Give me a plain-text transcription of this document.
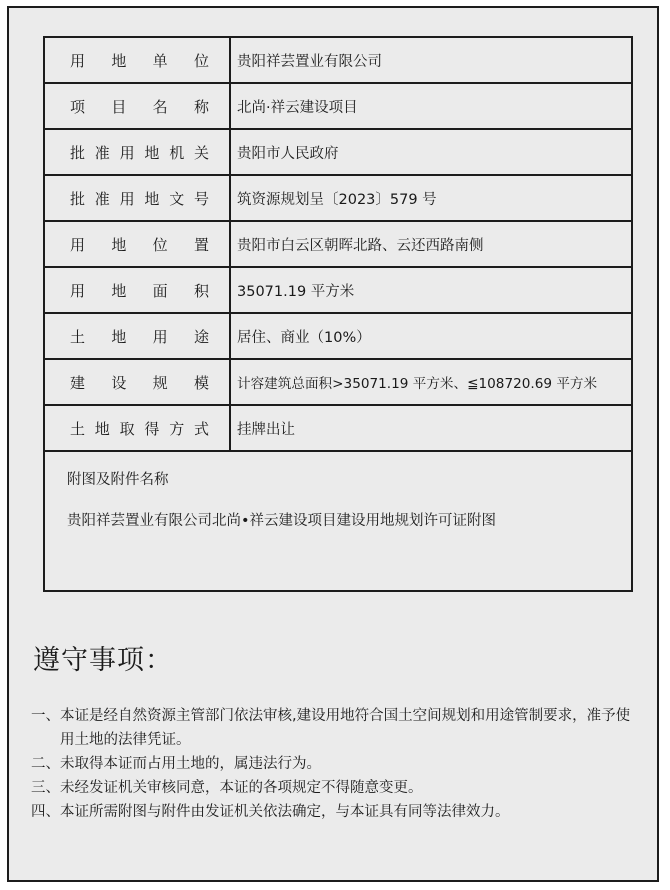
用 地 单 位	贵阳祥芸置业有限公司
项 目 名 称	北尚·祥云建设项目
批 准 用 地 机 关	贵阳市人民政府
批 准 用 地 文 号	筑资源规划呈〔2023〕579 号
用 地 位 置	贵阳市白云区朝晖北路、云还西路南侧
用 地 面 积	35071.19 平方米
土 地 用 途	居住、商业（10%）
建 设 规 模	计容建筑总面积>35071.19 平方米、≦108720.69 平方米
土 地 取 得 方 式	挂牌出让
附图及附件名称
贵阳祥芸置业有限公司北尚•祥云建设项目建设用地规划许可证附图
遵守事项：
一、 本证是经自然资源主管部门依法审核,建设用地符合国土空间规划和用途管制要求，准予使用土地的法律凭证。
二、 未取得本证而占用土地的，属违法行为。
三、 未经发证机关审核同意，本证的各项规定不得随意变更。
四、 本证所需附图与附件由发证机关依法确定，与本证具有同等法律效力。
